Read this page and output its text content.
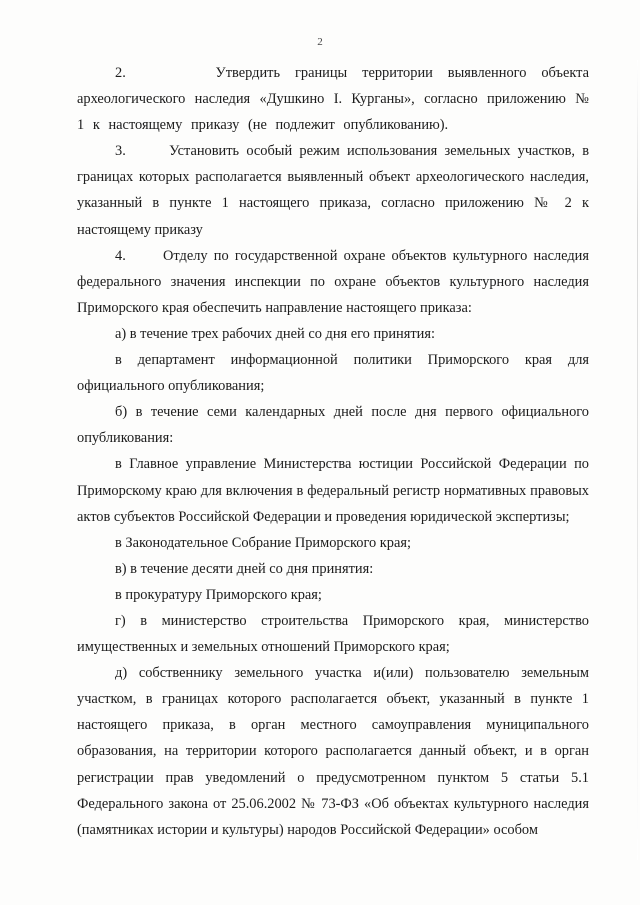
2

2.      Утвердить границы территории выявленного объекта археологического наследия «Душкино I. Курганы», согласно приложению № 1 к настоящему приказу (не подлежит опубликованию).

3.      Установить особый режим использования земельных участков, в границах которых располагается выявленный объект археологического наследия, указанный в пункте 1 настоящего приказа, согласно приложению № 2 к настоящему приказу

4.      Отделу по государственной охране объектов культурного наследия федерального значения инспекции по охране объектов культурного наследия Приморского края обеспечить направление настоящего приказа:

а) в течение трех рабочих дней со дня его принятия:

в департамент информационной политики Приморского края для официального опубликования;

б) в течение семи календарных дней после дня первого официального опубликования:

в Главное управление Министерства юстиции Российской Федерации по Приморскому краю для включения в федеральный регистр нормативных правовых актов субъектов Российской Федерации и проведения юридической экспертизы;

в Законодательное Собрание Приморского края;

в) в течение десяти дней со дня принятия:

в прокуратуру Приморского края;

г) в министерство строительства Приморского края, министерство имущественных и земельных отношений Приморского края;

д) собственнику земельного участка и(или) пользователю земельным участком, в границах которого располагается объект, указанный в пункте 1 настоящего приказа, в орган местного самоуправления муниципального образования, на территории которого располагается данный объект, и в орган регистрации прав уведомлений о предусмотренном пунктом 5 статьи 5.1 Федерального закона от 25.06.2002 № 73-ФЗ «Об объектах культурного наследия (памятниках истории и культуры) народов Российской Федерации» особом
